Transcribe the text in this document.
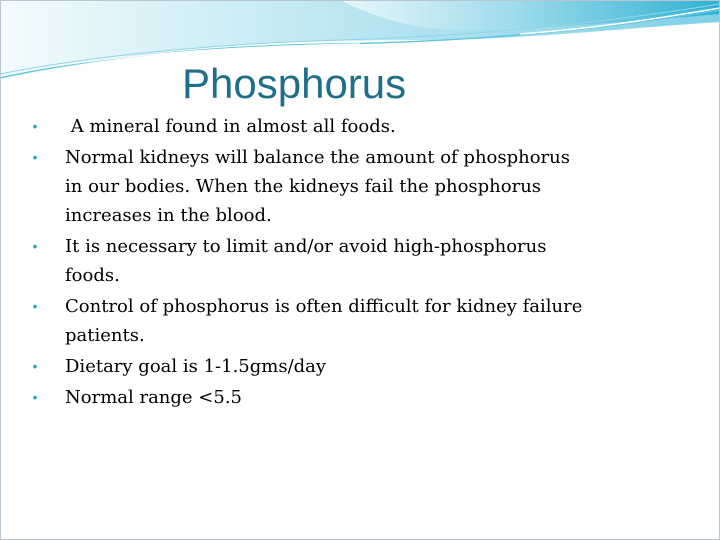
Phosphorus
• A mineral found in almost all foods.
• Normal kidneys will balance the amount of phosphorus in our bodies. When the kidneys fail the phosphorus increases in the blood.
• It is necessary to limit and/or avoid high-phosphorus foods.
• Control of phosphorus is often difficult for kidney failure patients.
• Dietary goal is 1-1.5gms/day
• Normal range <5.5
